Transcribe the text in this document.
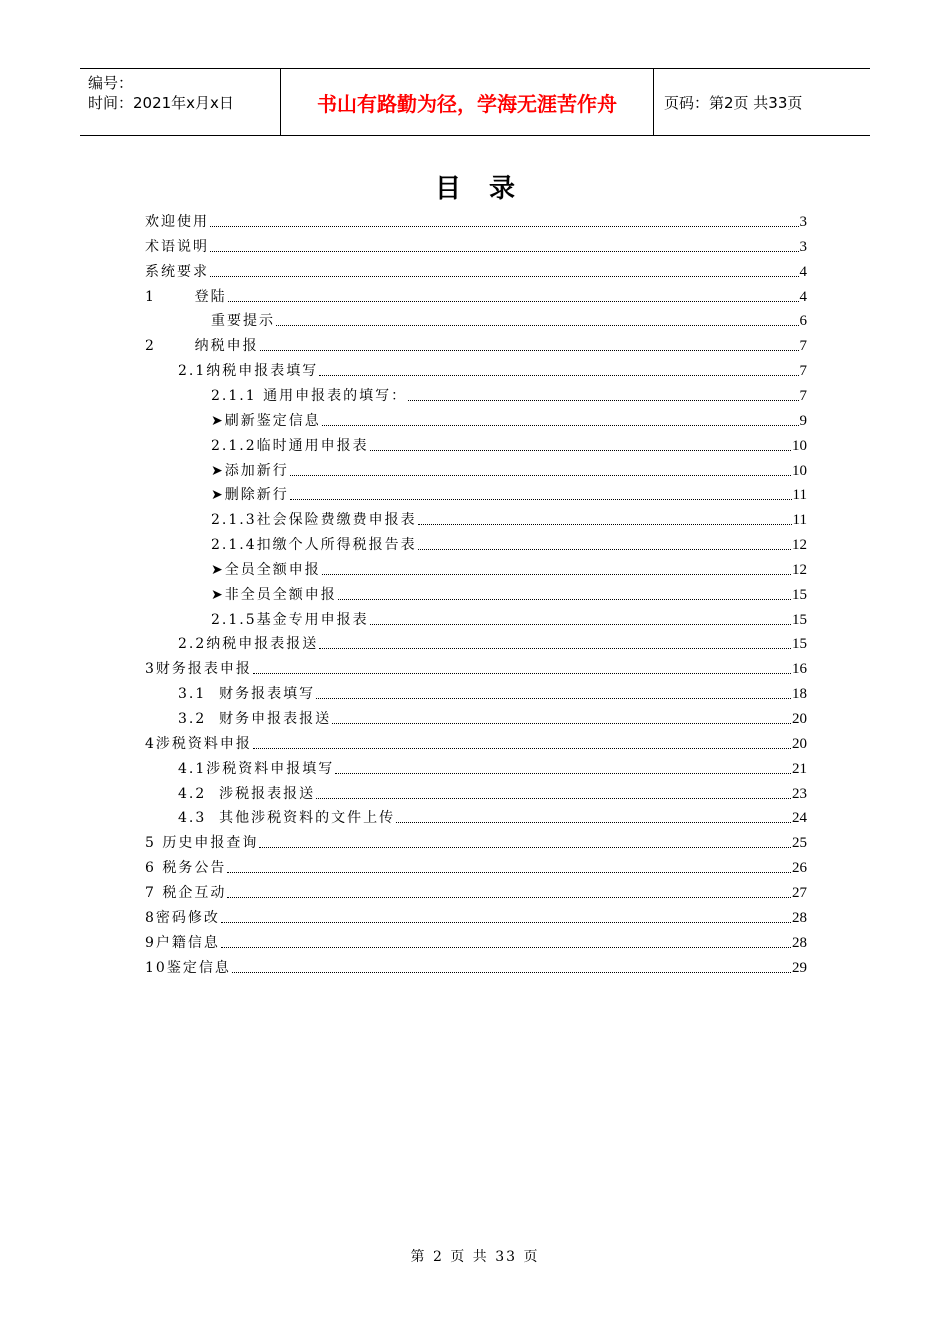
编号：
时间：2021年x月x日	书山有路勤为径，学海无涯苦作舟	页码：第2页 共33页
目录
欢迎使用	3
术语说明	3
系统要求	4
1      登陆	4
重要提示	6
2      纳税申报	7
2.1纳税申报表填写	7
2.1.1 通用申报表的填写：	7
➤刷新鉴定信息	9
2.1.2临时通用申报表	10
➤添加新行	10
➤删除新行	11
2.1.3社会保险费缴费申报表	11
2.1.4扣缴个人所得税报告表	12
➤全员全额申报	12
➤非全员全额申报	15
2.1.5基金专用申报表	15
2.2纳税申报表报送	15
3财务报表申报	16
3.1  财务报表填写	18
3.2  财务申报表报送	20
4涉税资料申报	20
4.1涉税资料申报填写	21
4.2  涉税报表报送	23
4.3  其他涉税资料的文件上传	24
5 历史申报查询	25
6 税务公告	26
7 税企互动	27
8密码修改	28
9户籍信息	28
10鉴定信息	29
第 2 页 共 33 页
